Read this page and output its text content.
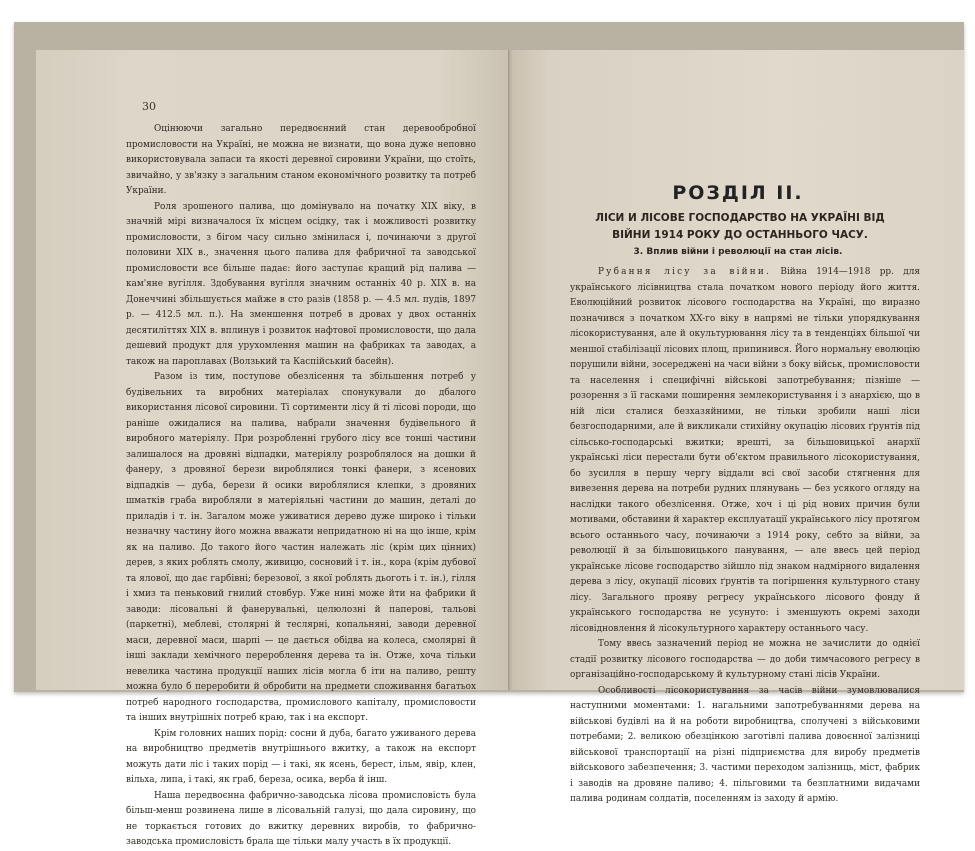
30

Оцінюючи загально передвоєнний стан деревообробної промисловости на Україні, не можна не визнати, що вона дуже неповно використовувала запаси та якості деревної сировини України, що стоїть, звичайно, у зв'язку з загальним станом економічного розвитку та потреб України.

Роля зрошеного палива, що домінувало на початку XIX віку, в значній мірі визначалося їх місцем осідку, так і можливості розвитку промисловости, з бігом часу сильно змінилася і, починаючи з другої половини XIX в., значення цього палива для фабричної та заводської промисловости все більше падає: його заступає кращий рід палива — кам'яне вугілля. Здобування вугілля значним останніх 40 р. XIX в. на Донеччині збільшується майже в сто разів (1858 р. — 4.5 мл. пудів, 1897 р. — 412.5 мл. п.). На зменшення потреб в дровах у двох останніх десятиліттях XIX в. вплинув і розвиток нафтової промисловости, що дала дешевий продукт для урухомлення машин на фабриках та заводах, а також на пароплавах (Волзький та Каспійський басейн).

Разом із тим, поступове обезлісення та збільшення потреб у будівельних та виробних матеріалах спонукували до дбалого використання лісової сировини. Ті сортименти лісу й ті лісові породи, що раніше ожидалися на палива, набрали значення будівельного й виробного матеріялу. При розробленні грубого лісу все тонші частини залишалося на дровяні відпадки, матеріялу розроблялося на дошки й фанеру, з дровяної берези вироблялися тонкі фанери, з ясенових відпадків — дуба, берези й осики вироблялися клепки, з дровяних шматків граба виробляли в матеріяльні частини до машин, деталі до приладів і т. ін. Загалом може уживатися дерево дуже широко і тільки незначну частину його можна вважати непридатною ні на що інше, крім як на паливо. До такого його частин належать ліс (крім цих цінних) дерев, з яких роблять смолу, живицю, сосновий і т. ін., кора (крім дубової та ялової, що дає гарбівні; березової, з якої роблять дьоготь і т. ін.), гілля і хмиз та пеньковий гнилий стовбур. Уже нині може йти на фабрики й заводи: лісовальні й фанерувальні, целюлозні й паперові, тальові (паркетні), меблеві, столярні й теслярні, копальняні, заводи деревної маси, деревної маси, шарпі — це дається обідва на колеса, смолярні й інші заклади хемічного перероблення дерева та ін. Отже, хоча тільки невелика частина продукції наших лісів могла б іти на паливо, решту можна було б переробити й обробити на предмети споживання багатьох потреб народного господарства, промислового капіталу, промисловости та інших внутрішніх потреб краю, так і на експорт.

Крім головних наших порід: сосни й дуба, багато уживаного дерева на виробництво предметів внутрішнього вжитку, а також на експорт можуть дати ліс і таких порід — і такі, як ясень, берест, ільм, явір, клен, вільха, липа, і такі, як граб, береза, осика, верба й інш.

Наша передвоєнна фабрично-заводська лісова промисловість була більш-менш розвинена лише в лісовальній галузі, що дала сировину, що не торкається готових до вжитку деревних виробів, то фабрично-заводська промисловість брала ще тільки малу участь в їх продукції.

РОЗДІЛ II.
ЛІСИ И ЛІСОВЕ ГОСПОДАРСТВО НА УКРАЇНІ ВІД ВІЙНИ 1914 РОКУ ДО ОСТАННЬОГО ЧАСУ.
3. Вплив війни і революції на стан лісів.

Рубання лісу за війни. Війна 1914—1918 рр. для українського лісівництва стала початком нового періоду його життя. Еволюційний розвиток лісового господарства на Україні, що виразно позначився з початком XX-го віку в напрямі не тільки упорядкування лісокористування, але й окультурювання лісу та в тенденціях більшої чи меншої стабілізації лісових площ, припинився. Його нормальну еволюцію порушили війни, зосереджені на часи війни з боку військ, промисловости та населення і специфічні військові запотребування; пізніше — розорення з її гасками поширення землекористування і з анархією, що в ній ліси сталися безхазяйними, не тільки зробили наші ліси безгосподарними, але й викликали стихійну окупацію лісових ґрунтів під сільсько-господарські вжитки; врешті, за більшовицької анархії українські ліси перестали бути об'єктом правильного лісокористування, бо зусилля в першу чергу віддали всі свої засоби стягнення для вивезення дерева на потреби рудних плянувань — без усякого огляду на наслідки такого обезлісення. Отже, хоч і ці рід нових причин були мотивами, обставини й характер експлуатації українського лісу протягом всього останнього часу, починаючи з 1914 року, себто за війни, за революції й за більшовицького панування, — але ввесь цей період українське лісове господарство зійшло під знаком надмірного видалення дерева з лісу, окупації лісових ґрунтів та погіршення культурного стану лісу. Загального прояву регресу українського лісового фонду й українського господарства не усунуто: і зменшують окремі заходи лісовідновлення й лісокультурного характеру останнього часу.

Тому ввесь зазначений період не можна не зачислити до однієї стадії розвитку лісового господарства — до доби тимчасового регресу в організаційно-господарському й культурному стані лісів України.

Особливості лісокористування за часів війни зумовлювалися наступними моментами: 1. нагальними запотребуваннями дерева на військові будівлі на й на роботи виробництва, сполучені з військовими потребами; 2. великою обезцінкою заготівлі палива довоєнної залізниці військової транспортації на різні підприємства для виробу предметів військового забезпечення; 3. частими переходом залізниць, міст, фабрик і заводів на дровяне паливо; 4. пільговими та безплатними видачами палива родинам солдатів, поселенням із заходу й армію.
